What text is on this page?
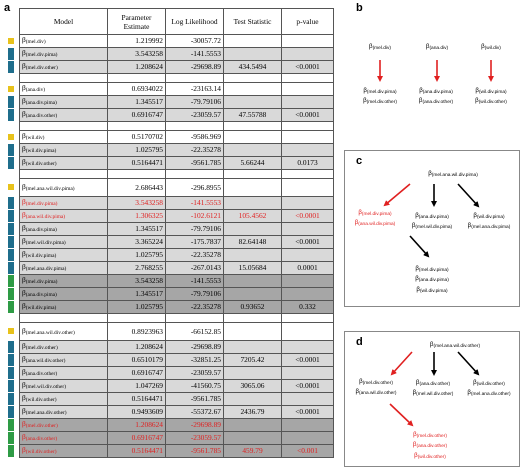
a	b
c
d
Model	Parameter Estimate	Log Likelihood	Test Statistic	p-value
$\beta_{(mel.div)}$	1.219992	-30057.72		
$\beta_{(mel.div.pima)}$	3.543258	-141.5553		
$\beta_{(mel.div.other)}$	1.208624	-29698.89	434.5494	<0.0001

$\beta_{(ana.div)}$	0.6934022	-23163.14		
$\beta_{(ana.div.pima)}$	1.345517	-79.79106		
$\beta_{(ana.div.other)}$	0.6916747	-23059.57	47.55788	<0.0001

$\beta_{(wil.div)}$	0.5170702	-9586.969		
$\beta_{(wil.div.pima)}$	1.025795	-22.35278		
$\beta_{(wil.div.other)}$	0.5164471	-9561.785	5.66244	0.0173

$\beta_{(mel.ana.wil.div.pima)}$	2.686443	-296.8955		
$\beta_{(mel.div.pima)}$	3.543258	-141.5553		
$\beta_{(ana.wil.div.pima)}$	1.306325	-102.6121	105.4562	<0.0001
$\beta_{(ana.div.pima)}$	1.345517	-79.79106		
$\beta_{(mel.wil.div.pima)}$	3.365224	-175.7837	82.64148	<0.0001
$\beta_{(wil.div.pima)}$	1.025795	-22.35278		
$\beta_{(mel.ana.div.pima)}$	2.768255	-267.0143	15.05684	0.0001
$\beta_{(mel.div.pima)}$	3.543258	-141.5553		
$\beta_{(ana.div.pima)}$	1.345517	-79.79106		
$\beta_{(wil.div.pima)}$	1.025795	-22.35278	0.93652	0.332

$\beta_{(mel.ana.wil.div.other)}$	0.8923963	-66152.85		
$\beta_{(mel.div.other)}$	1.208624	-29698.89		
$\beta_{(ana.wil.div.other)}$	0.6510179	-32851.25	7205.42	<0.0001
$\beta_{(ana.div.other)}$	0.6916747	-23059.57		
$\beta_{(mel.wil.div.other)}$	1.047269	-41560.75	3065.06	<0.0001
$\beta_{(wil.div.other)}$	0.5164471	-9561.785		
$\beta_{(mel.ana.div.other)}$	0.9493609	-55372.67	2436.79	<0.0001
$\beta_{(mel.div.other)}$	1.208624	-29698.89		
$\beta_{(ana.div.other)}$	0.6916747	-23059.57		
$\beta_{(wil.div.other)}$	0.5164471	-9561.785	459.79	<0.001
$\beta_{(mel.div)}$	$\beta_{(ana.div)}$	$\beta_{(wil.div)}$
$\beta_{(mel.div.pima)}$
$\beta_{(mel.div.other)}$
$\beta_{(ana.div.pima)}$
$\beta_{(ana.div.other)}$
$\beta_{(wil.div.pima)}$
$\beta_{(wil.div.other)}$
$\beta_{(mel.ana.wil.div.pima)}$
$\beta_{(mel.div.pima)}$
$\beta_{(ana.wil.div.pima)}$
$\beta_{(ana.div.pima)}$
$\beta_{(mel.wil.div.pima)}$
$\beta_{(wil.div.pima)}$
$\beta_{(mel.ana.div.pima)}$
$\beta_{(mel.div.pima)}$
$\beta_{(ana.div.pima)}$
$\beta_{(wil.div.pima)}$
$\beta_{(mel.ana.wil.div.other)}$
$\beta_{(mel.div.other)}$
$\beta_{(ana.wil.div.other)}$
$\beta_{(ana.div.other)}$
$\beta_{(mel.wil.div.other)}$
$\beta_{(wil.div.other)}$
$\beta_{(mel.ana.div.other)}$
$\beta_{(mel.div.other)}$
$\beta_{(ana.div.other)}$
$\beta_{(wil.div.other)}$
